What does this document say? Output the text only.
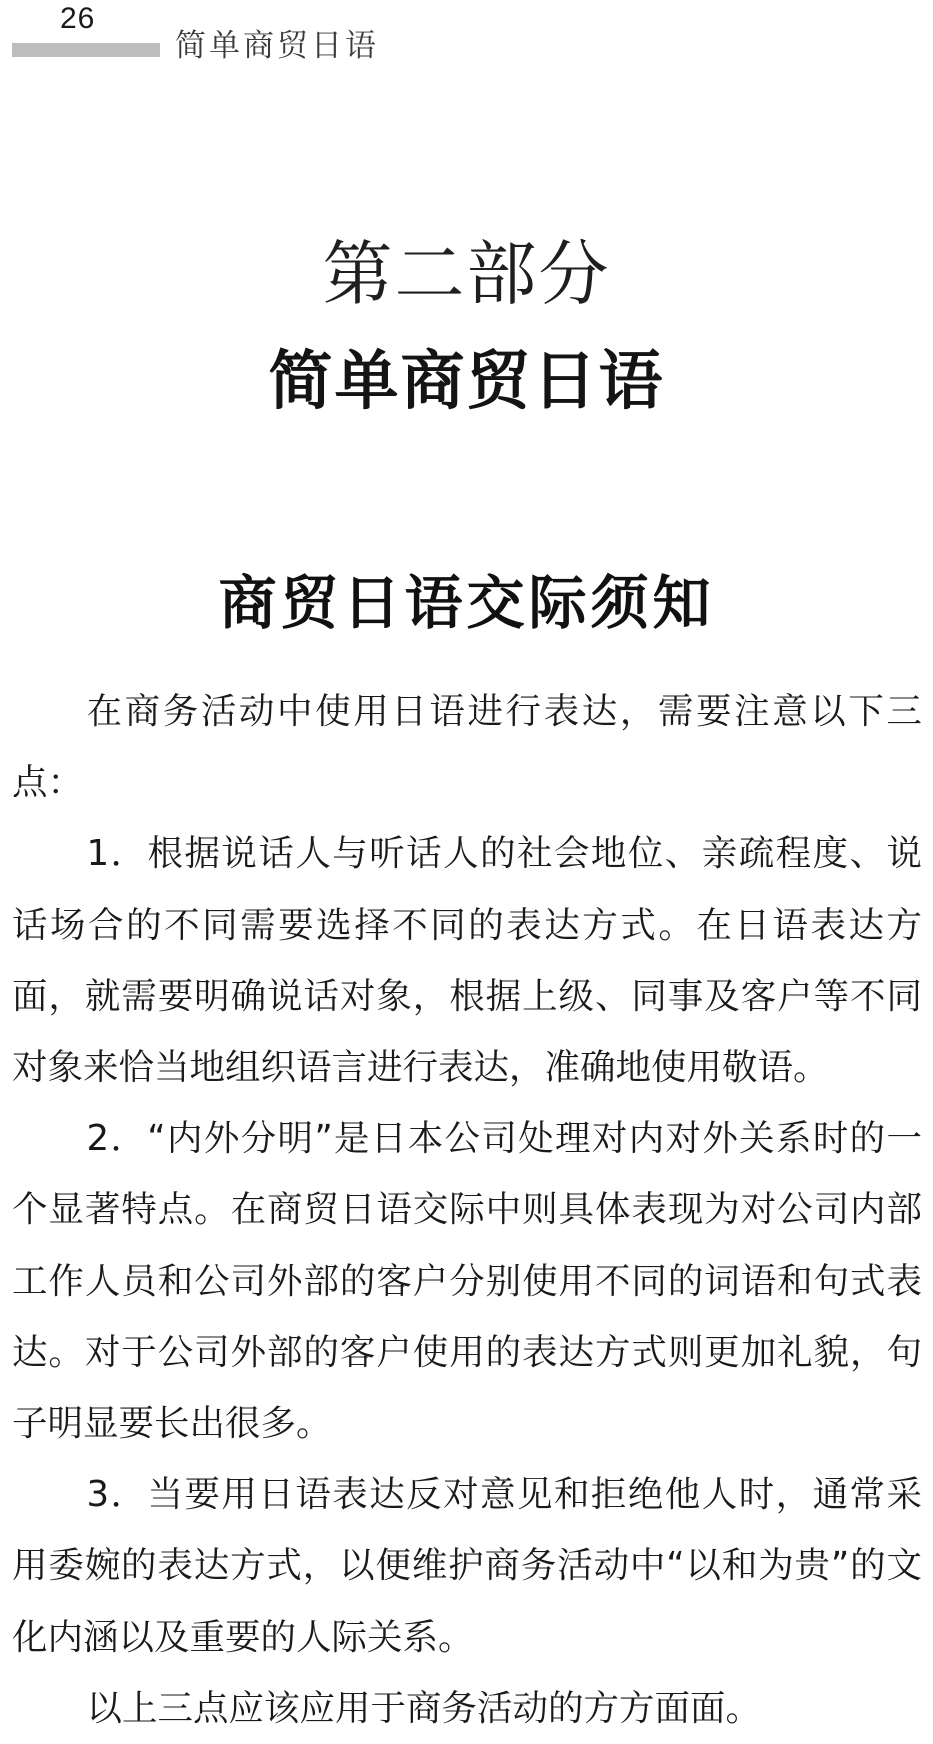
26
简单商贸日语
第二部分
简单商贸日语
商贸日语交际须知

在商务活动中使用日语进行表达，需要注意以下三点：

1．根据说话人与听话人的社会地位、亲疏程度、说话场合的不同需要选择不同的表达方式。在日语表达方面，就需要明确说话对象，根据上级、同事及客户等不同对象来恰当地组织语言进行表达，准确地使用敬语。

2．“内外分明”是日本公司处理对内对外关系时的一个显著特点。在商贸日语交际中则具体表现为对公司内部工作人员和公司外部的客户分别使用不同的词语和句式表达。对于公司外部的客户使用的表达方式则更加礼貌，句子明显要长出很多。

3．当要用日语表达反对意见和拒绝他人时，通常采用委婉的表达方式，以便维护商务活动中“以和为贵”的文化内涵以及重要的人际关系。

以上三点应该应用于商务活动的方方面面。
